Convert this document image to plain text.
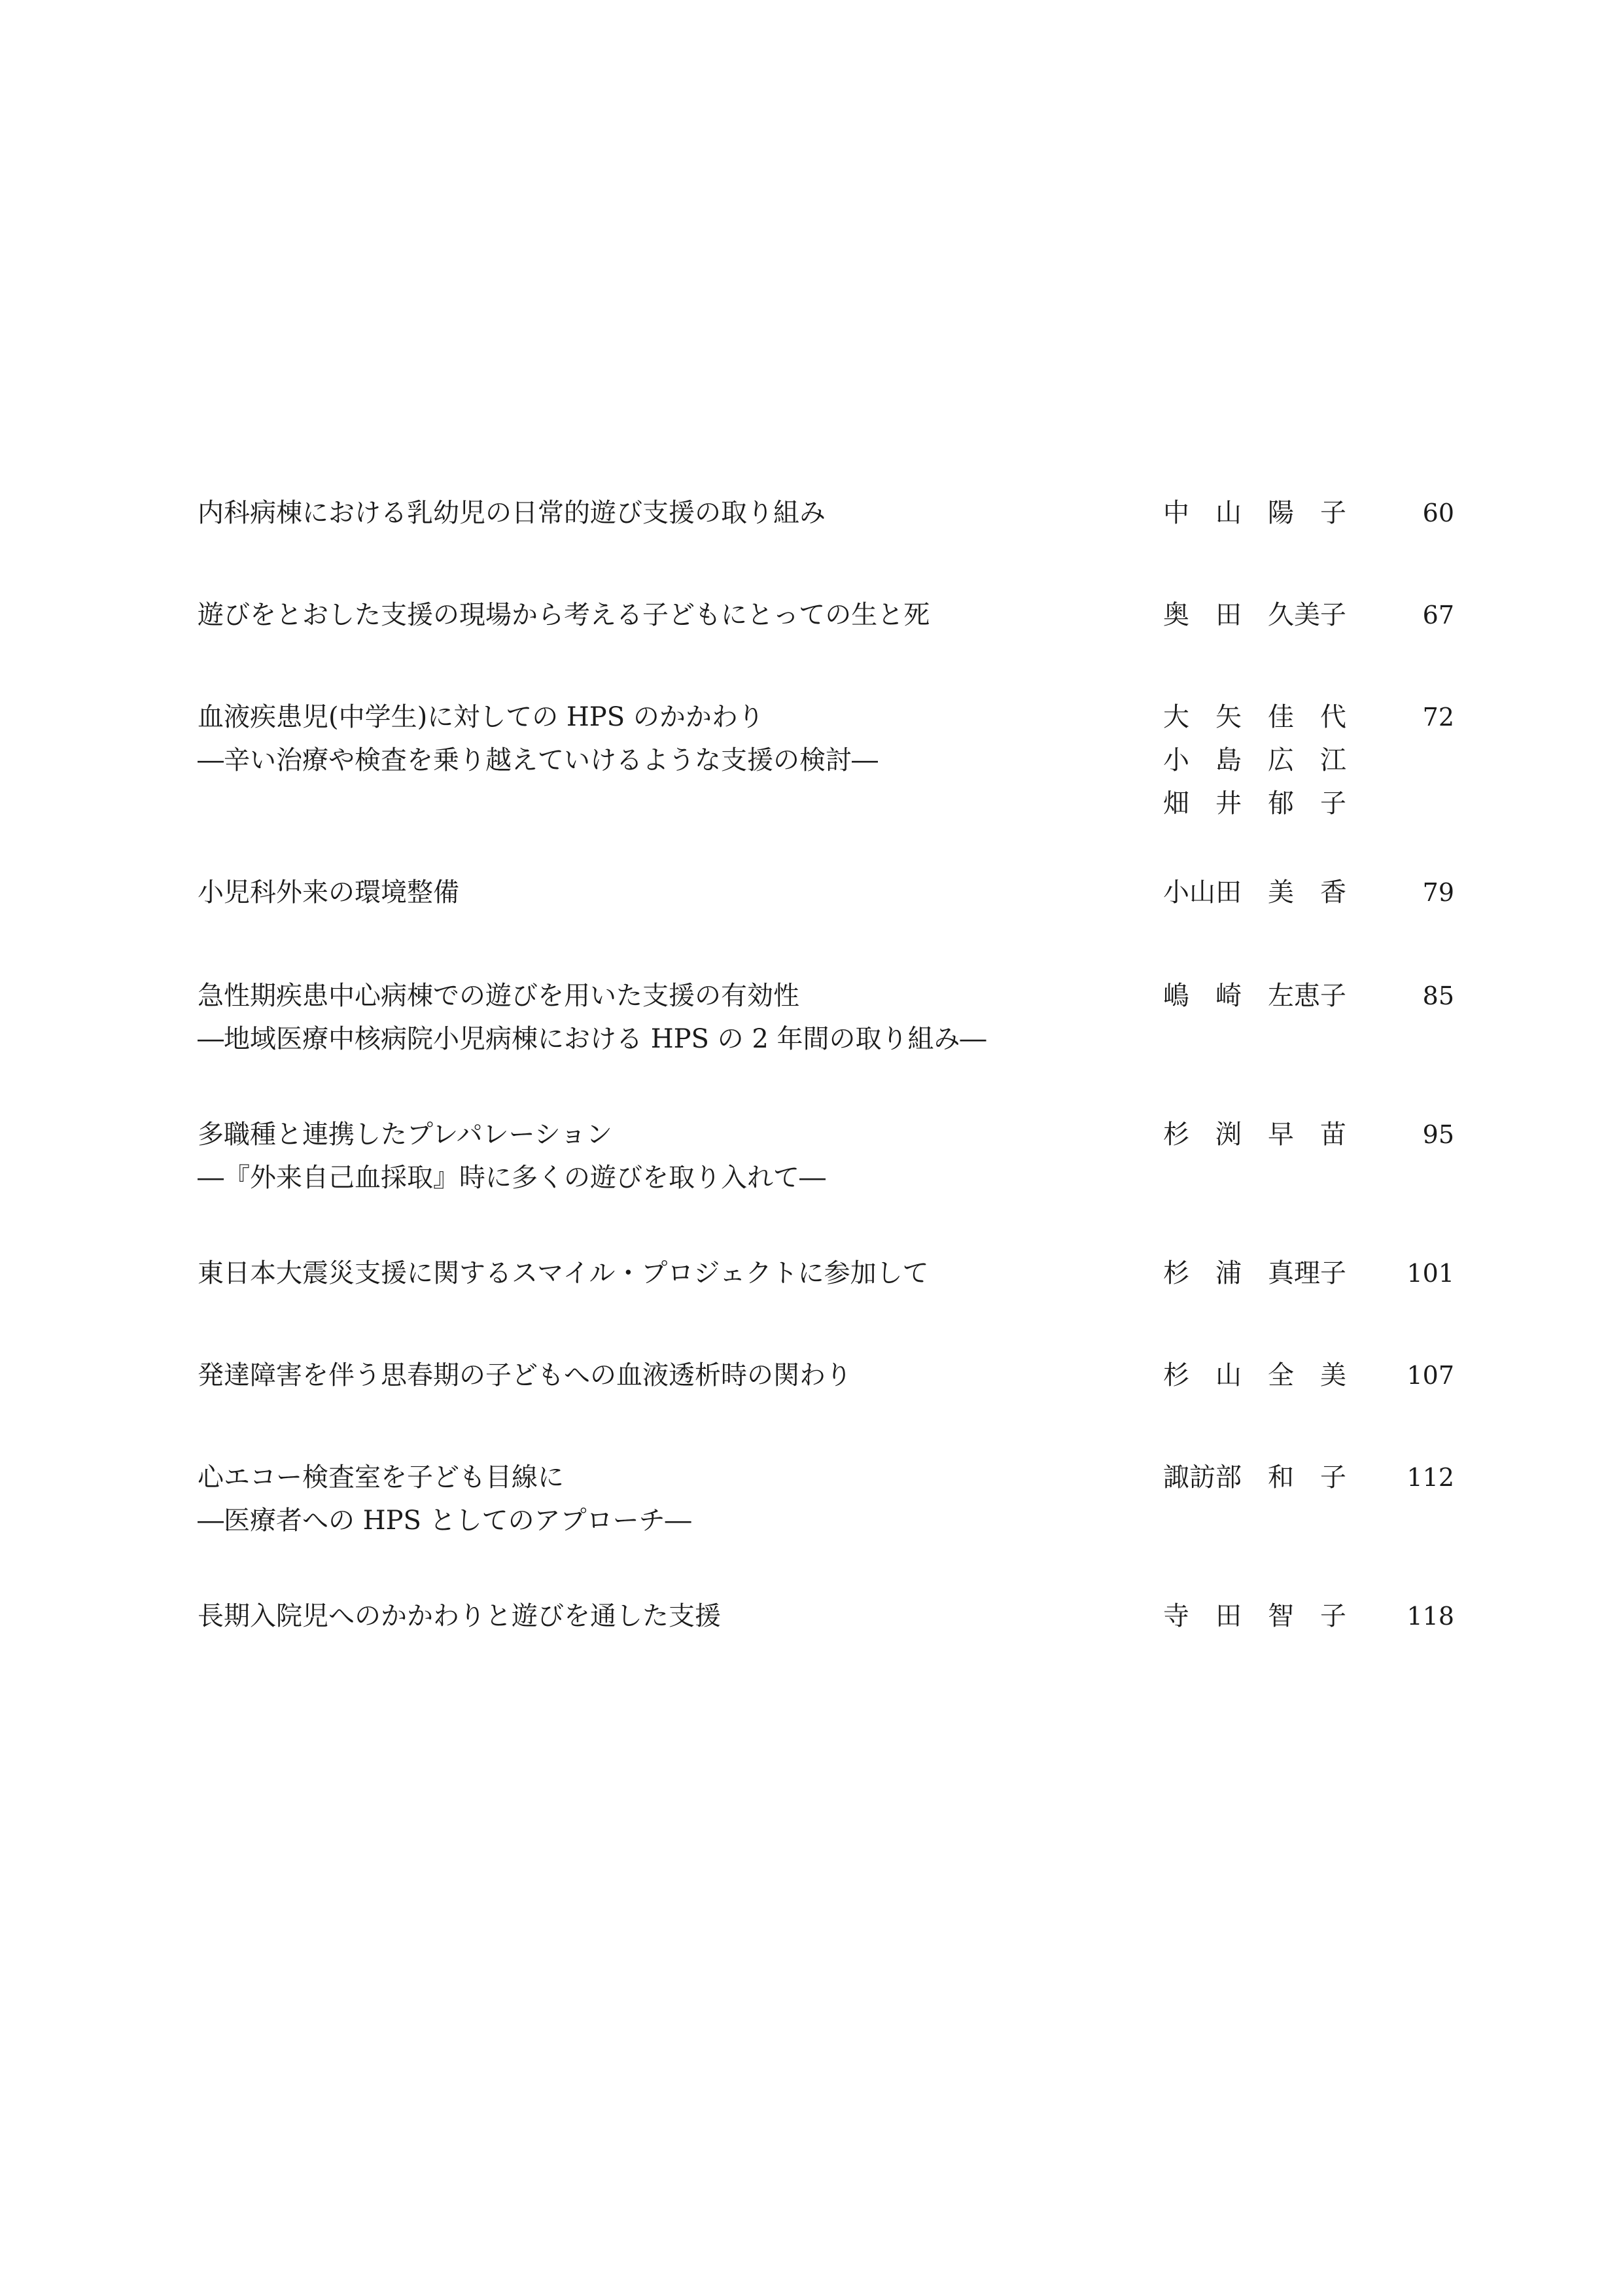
内科病棟における乳幼児の日常的遊び支援の取り組み	中　山　陽　子	60
遊びをとおした支援の現場から考える子どもにとっての生と死	奥　田　久美子	67
血液疾患児(中学生)に対しての HPS のかかわり	大　矢　佳　代	72
―辛い治療や検査を乗り越えていけるような支援の検討―	小　島　広　江
畑　井　郁　子
小児科外来の環境整備	小山田　美　香	79
急性期疾患中心病棟での遊びを用いた支援の有効性	嶋　崎　左恵子	85
―地域医療中核病院小児病棟における HPS の 2 年間の取り組み―
多職種と連携したプレパレーション	杉　渕　早　苗	95
―『外来自己血採取』時に多くの遊びを取り入れて―
東日本大震災支援に関するスマイル・プロジェクトに参加して	杉　浦　真理子	101
発達障害を伴う思春期の子どもへの血液透析時の関わり	杉　山　全　美	107
心エコー検査室を子ども目線に	諏訪部　和　子	112
―医療者への HPS としてのアプローチ―
長期入院児へのかかわりと遊びを通した支援	寺　田　智　子	118
